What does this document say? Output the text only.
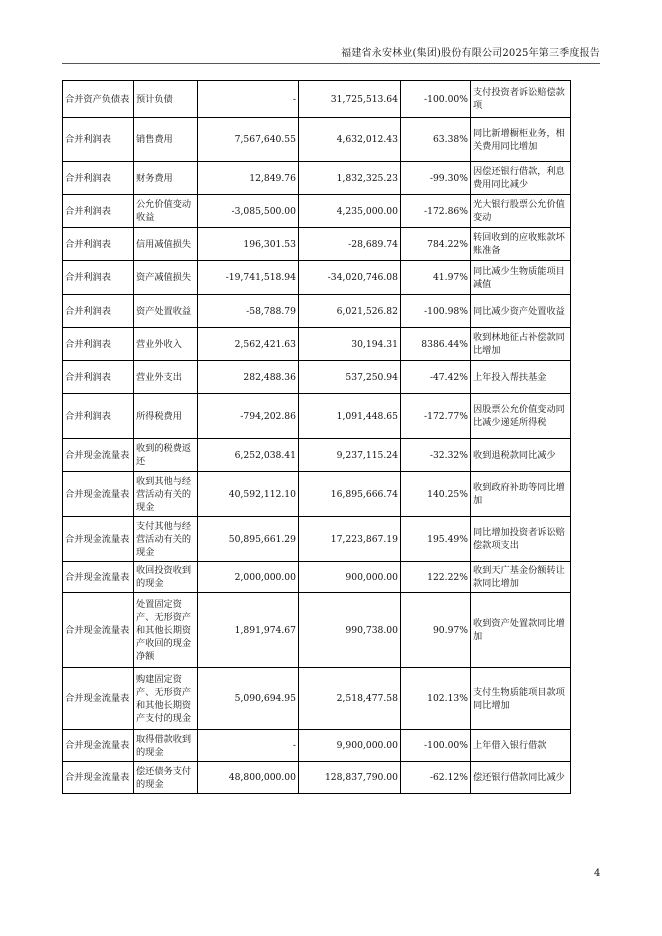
福建省永安林业(集团)股份有限公司2025年第三季度报告
合并资产负债表	预计负债	-	31,725,513.64	-100.00%	支付投资者诉讼赔偿款项
合并利润表	销售费用	7,567,640.55	4,632,012.43	63.38%	同比新增橱柜业务，相关费用同比增加
合并利润表	财务费用	12,849.76	1,832,325.23	-99.30%	因偿还银行借款，利息费用同比减少
合并利润表	公允价值变动收益	-3,085,500.00	4,235,000.00	-172.86%	光大银行股票公允价值变动
合并利润表	信用减值损失	196,301.53	-28,689.74	784.22%	转回收到的应收账款坏账准备
合并利润表	资产减值损失	-19,741,518.94	-34,020,746.08	41.97%	同比减少生物质能项目减值
合并利润表	资产处置收益	-58,788.79	6,021,526.82	-100.98%	同比减少资产处置收益
合并利润表	营业外收入	2,562,421.63	30,194.31	8386.44%	收到林地征占补偿款同比增加
合并利润表	营业外支出	282,488.36	537,250.94	-47.42%	上年投入帮扶基金
合并利润表	所得税费用	-794,202.86	1,091,448.65	-172.77%	因股票公允价值变动同比减少递延所得税
合并现金流量表	收到的税费返还	6,252,038.41	9,237,115.24	-32.32%	收到退税款同比减少
合并现金流量表	收到其他与经营活动有关的现金	40,592,112.10	16,895,666.74	140.25%	收到政府补助等同比增加
合并现金流量表	支付其他与经营活动有关的现金	50,895,661.29	17,223,867.19	195.49%	同比增加投资者诉讼赔偿款项支出
合并现金流量表	收回投资收到的现金	2,000,000.00	900,000.00	122.22%	收到天广基金份额转让款同比增加
合并现金流量表	处置固定资产、无形资产和其他长期资产收回的现金净额	1,891,974.67	990,738.00	90.97%	收到资产处置款同比增加
合并现金流量表	购建固定资产、无形资产和其他长期资产支付的现金	5,090,694.95	2,518,477.58	102.13%	支付生物质能项目款项同比增加
合并现金流量表	取得借款收到的现金	-	9,900,000.00	-100.00%	上年借入银行借款
合并现金流量表	偿还债务支付的现金	48,800,000.00	128,837,790.00	-62.12%	偿还银行借款同比减少
4
